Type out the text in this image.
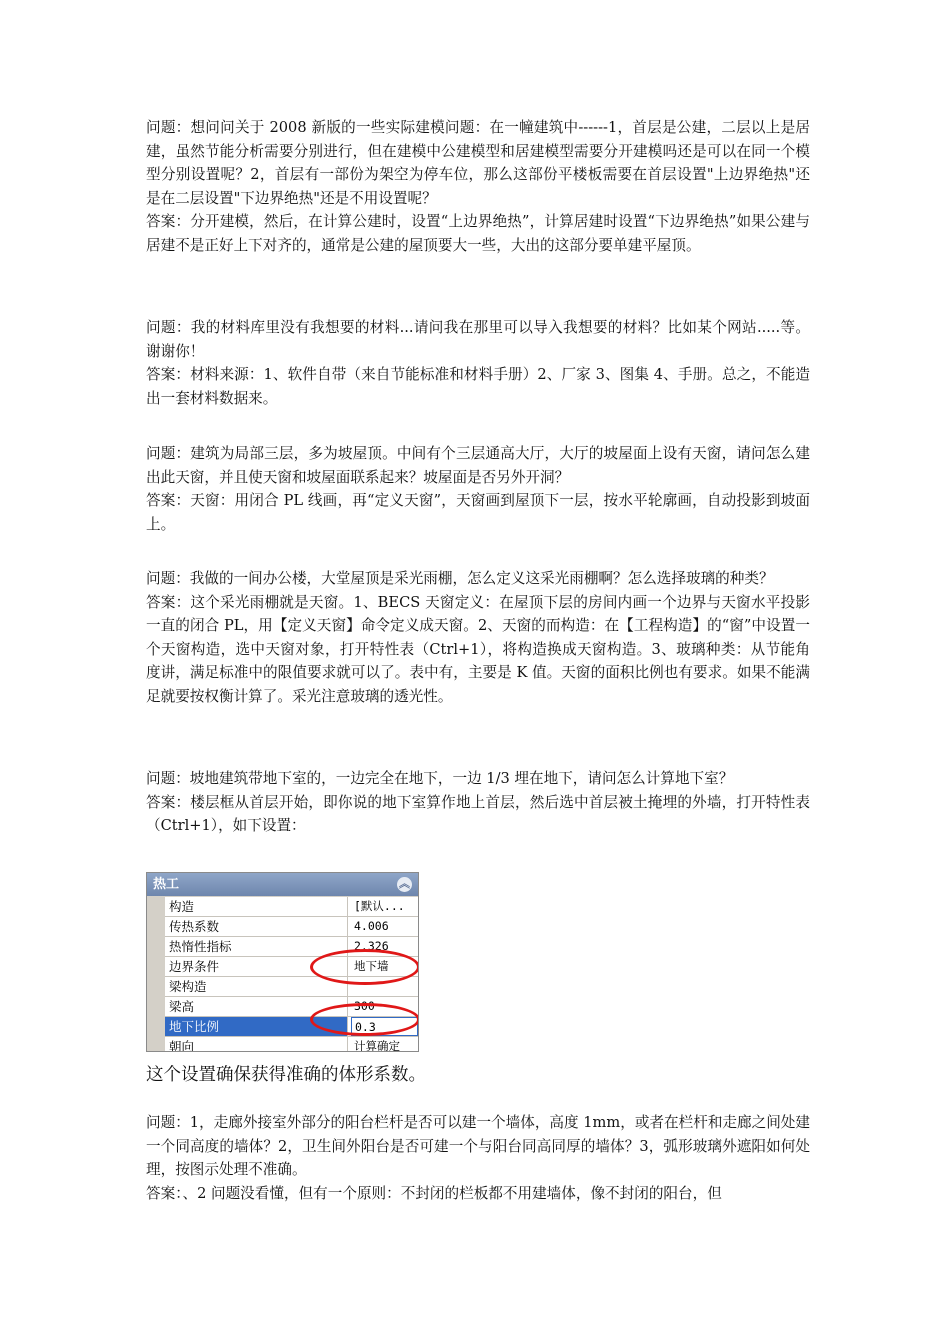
问题：想问问关于 2008 新版的一些实际建模问题：在一幢建筑中------1，首层是公建，二层以上是居建，虽然节能分析需要分别进行，但在建模中公建模型和居建模型需要分开建模吗还是可以在同一个模型分别设置呢？2，首层有一部份为架空为停车位，那么这部份平楼板需要在首层设置"上边界绝热"还是在二层设置"下边界绝热"还是不用设置呢？

答案：分开建模，然后，在计算公建时，设置“上边界绝热”，计算居建时设置“下边界绝热”如果公建与居建不是正好上下对齐的，通常是公建的屋顶要大一些，大出的这部分要单建平屋顶。

问题：我的材料库里没有我想要的材料...请问我在那里可以导入我想要的材料？比如某个网站.....等。谢谢你！

答案：材料来源：1、软件自带（来自节能标准和材料手册）2、厂家 3、图集 4、手册。总之，不能造出一套材料数据来。

问题：建筑为局部三层，多为坡屋顶。中间有个三层通高大厅，大厅的坡屋面上设有天窗，请问怎么建出此天窗，并且使天窗和坡屋面联系起来？坡屋面是否另外开洞？

答案：天窗：用闭合 PL 线画，再“定义天窗”，天窗画到屋顶下一层，按水平轮廓画，自动投影到坡面上。

问题：我做的一间办公楼，大堂屋顶是采光雨棚，怎么定义这采光雨棚啊？怎么选择玻璃的种类？

答案：这个采光雨棚就是天窗。1、BECS 天窗定义：在屋顶下层的房间内画一个边界与天窗水平投影一直的闭合 PL，用【定义天窗】命令定义成天窗。2、天窗的而构造：在【工程构造】的“窗”中设置一个天窗构造，选中天窗对象，打开特性表（Ctrl+1），将构造换成天窗构造。3、玻璃种类：从节能角度讲，满足标准中的限值要求就可以了。表中有，主要是 K 值。天窗的面积比例也有要求。如果不能满足就要按权衡计算了。采光注意玻璃的透光性。

问题：坡地建筑带地下室的，一边完全在地下，一边 1/3 埋在地下，请问怎么计算地下室？

答案：楼层框从首层开始，即你说的地下室算作地上首层，然后选中首层被土掩埋的外墙，打开特性表（Ctrl+1），如下设置：

热工	︽
构造	[默认...
传热系数	4.006
热惰性指标	2.326
边界条件	地下墙
梁构造
梁高	300
地下比例	0.3
朝向	计算确定
这个设置确保获得准确的体形系数。

问题：1，走廊外接室外部分的阳台栏杆是否可以建一个墙体，高度 1mm，或者在栏杆和走廊之间处建一个同高度的墙体？2，卫生间外阳台是否可建一个与阳台同高同厚的墙体？3，弧形玻璃外遮阳如何处理，按图示处理不准确。

答案：、2 问题没看懂，但有一个原则：不封闭的栏板都不用建墙体，像不封闭的阳台，但
